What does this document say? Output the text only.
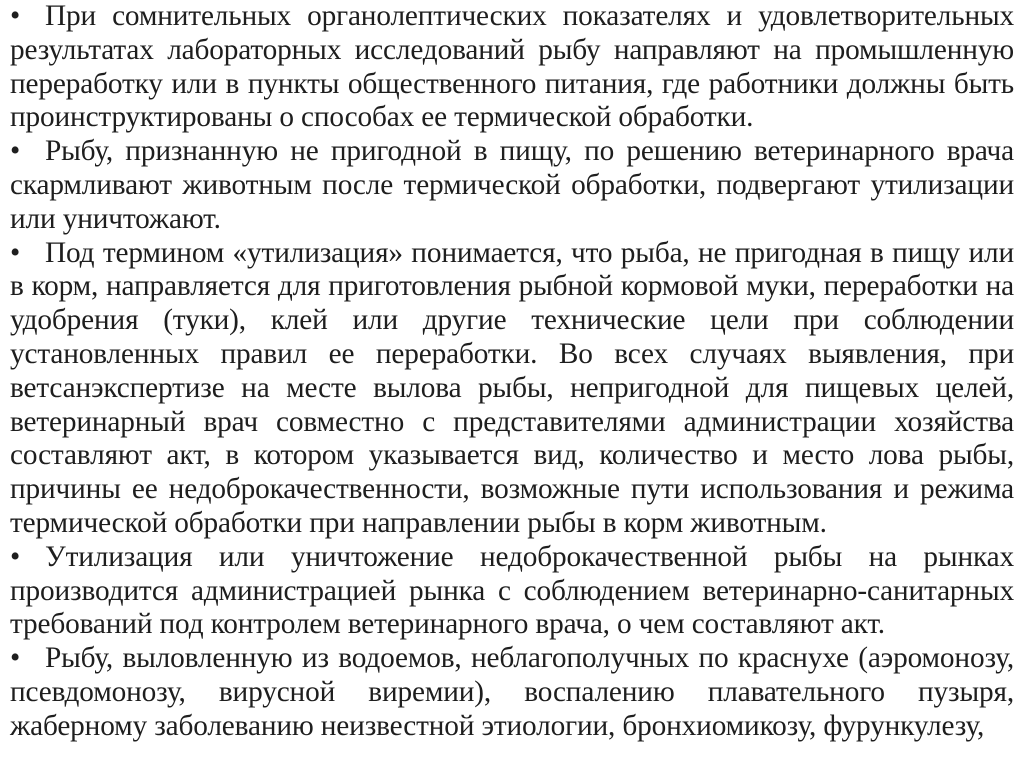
• При сомнительных органолептических показателях и удовлетворительных результатах лабораторных исследований рыбу направляют на промышленную переработку или в пункты общественного питания, где работники должны быть проинструктированы о способах ее термической обработки.

• Рыбу, признанную не пригодной в пищу, по решению ветеринарного врача скармливают животным после термической обработки, подвергают утилизации или уничтожают.

• Под термином «утилизация» понимается, что рыба, не пригодная в пищу или в корм, направляется для приготовления рыбной кормовой муки, переработки на удобрения (туки), клей или другие технические цели при соблюдении установленных правил ее переработки. Во всех случаях выявления, при ветсанэкспертизе на месте вылова рыбы, непригодной для пищевых целей, ветеринарный врач совместно с представителями администрации хозяйства составляют акт, в котором указывается вид, количество и место лова рыбы, причины ее недоброкачественности, возможные пути использования и режима термической обработки при направлении рыбы в корм животным.

• Утилизация или уничтожение недоброкачественной рыбы на рынках производится администрацией рынка с соблюдением ветеринарно-санитарных требований под контролем ветеринарного врача, о чем составляют акт.

• Рыбу, выловленную из водоемов, неблагополучных по краснухе (аэромонозу, псевдомонозу, вирусной виремии), воспалению плавательного пузыря, жаберному заболеванию неизвестной этиологии, бронхиомикозу, фурункулезу,
